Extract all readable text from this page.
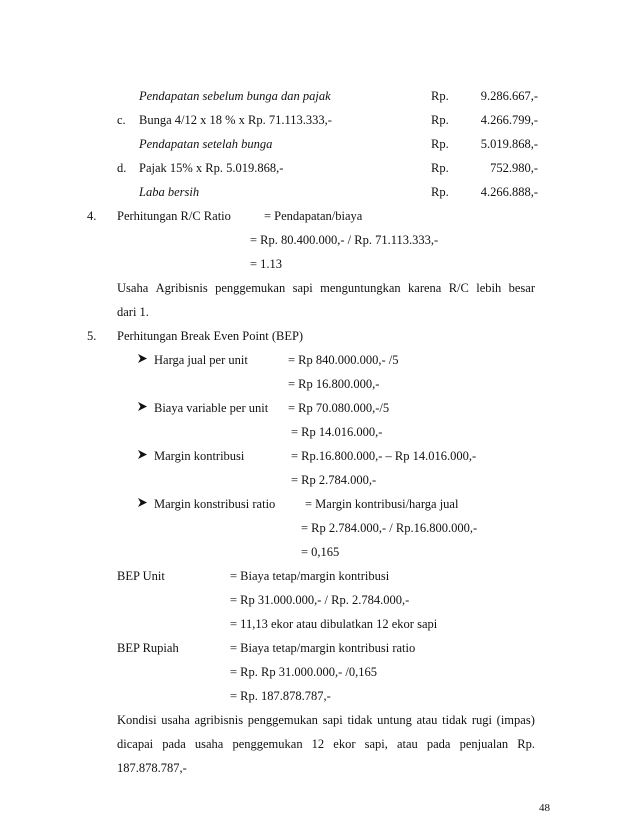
Pendapatan sebelum bunga dan pajak	Rp.	9.286.667,-
c. Bunga 4/12 x 18 % x Rp. 71.113.333,-	Rp.	4.266.799,-
Pendapatan setelah bunga	Rp.	5.019.868,-
d. Pajak 15% x Rp. 5.019.868,-	Rp.	752.980,-
Laba bersih	Rp.	4.266.888,-
4. Perhitungan R/C Ratio	= Pendapatan/biaya
= Rp. 80.400.000,- / Rp. 71.113.333,-
= 1.13
Usaha Agribisnis penggemukan sapi menguntungkan karena R/C lebih besar
dari 1.
5. Perhitungan Break Even Point (BEP)
Harga jual per unit	= Rp 840.000.000,- /5
= Rp 16.800.000,-
Biaya variable per unit = Rp 70.080.000,-/5
= Rp 14.016.000,-
Margin kontribusi	= Rp.16.800.000,- – Rp 14.016.000,-
= Rp 2.784.000,-
Margin konstribusi ratio = Margin kontribusi/harga jual
= Rp 2.784.000,- / Rp.16.800.000,-
= 0,165
BEP Unit	= Biaya tetap/margin kontribusi
= Rp 31.000.000,- / Rp. 2.784.000,-
= 11,13 ekor atau dibulatkan 12 ekor sapi
BEP Rupiah	= Biaya tetap/margin kontribusi ratio
= Rp. Rp 31.000.000,- /0,165
= Rp. 187.878.787,-
Kondisi usaha agribisnis penggemukan sapi tidak untung atau tidak rugi (impas)
dicapai pada usaha penggemukan 12 ekor sapi, atau pada penjualan Rp.
187.878.787,-
48
